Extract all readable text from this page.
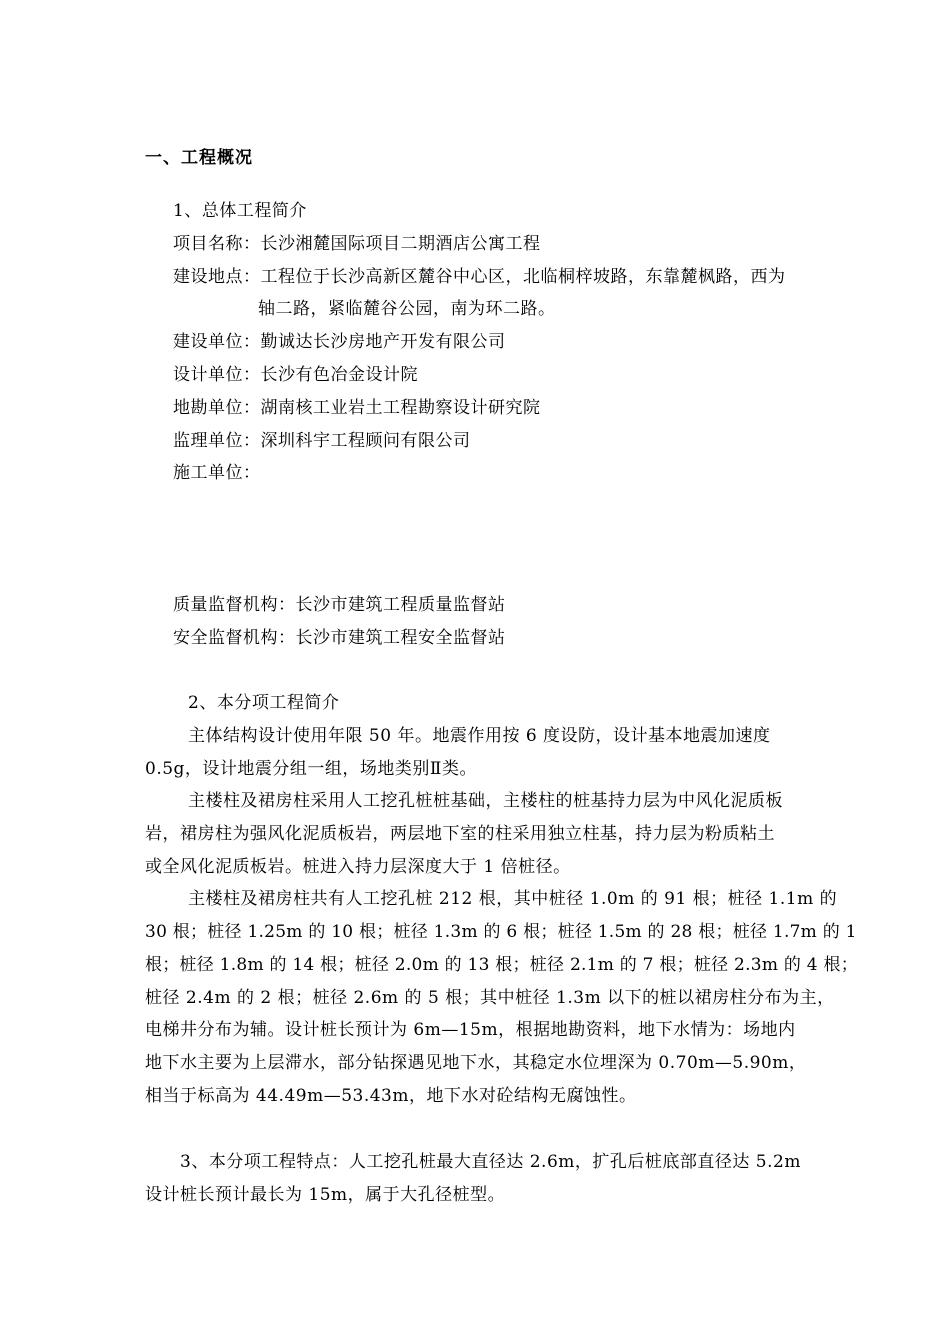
一、工程概况
1、总体工程简介
项目名称：长沙湘麓国际项目二期酒店公寓工程
建设地点：工程位于长沙高新区麓谷中心区，北临桐梓坡路，东靠麓枫路，西为
轴二路，紧临麓谷公园，南为环二路。
建设单位：勤诚达长沙房地产开发有限公司
设计单位：长沙有色冶金设计院
地勘单位：湖南核工业岩土工程勘察设计研究院
监理单位：深圳科宇工程顾问有限公司
施工单位：
质量监督机构：长沙市建筑工程质量监督站
安全监督机构：长沙市建筑工程安全监督站
2、本分项工程简介
主体结构设计使用年限 50 年。地震作用按 6 度设防，设计基本地震加速度
0.5g，设计地震分组一组，场地类别Ⅱ类。
主楼柱及裙房柱采用人工挖孔桩桩基础，主楼柱的桩基持力层为中风化泥质板
岩，裙房柱为强风化泥质板岩，两层地下室的柱采用独立柱基，持力层为粉质粘土
或全风化泥质板岩。桩进入持力层深度大于 1 倍桩径。
主楼柱及裙房柱共有人工挖孔桩 212 根，其中桩径 1.0m 的 91 根；桩径 1.1m 的
30 根；桩径 1.25m 的 10 根；桩径 1.3m 的 6 根；桩径 1.5m 的 28 根；桩径 1.7m 的 1
根；桩径 1.8m 的 14 根；桩径 2.0m 的 13 根；桩径 2.1m 的 7 根；桩径 2.3m 的 4 根；
桩径 2.4m 的 2 根；桩径 2.6m 的 5 根；其中桩径 1.3m 以下的桩以裙房柱分布为主，
电梯井分布为辅。设计桩长预计为 6m—15m，根据地勘资料，地下水情为：场地内
地下水主要为上层滞水，部分钻探遇见地下水，其稳定水位埋深为 0.70m—5.90m，
相当于标高为 44.49m—53.43m，地下水对砼结构无腐蚀性。
3、本分项工程特点：人工挖孔桩最大直径达 2.6m，扩孔后桩底部直径达 5.2m
设计桩长预计最长为 15m，属于大孔径桩型。
